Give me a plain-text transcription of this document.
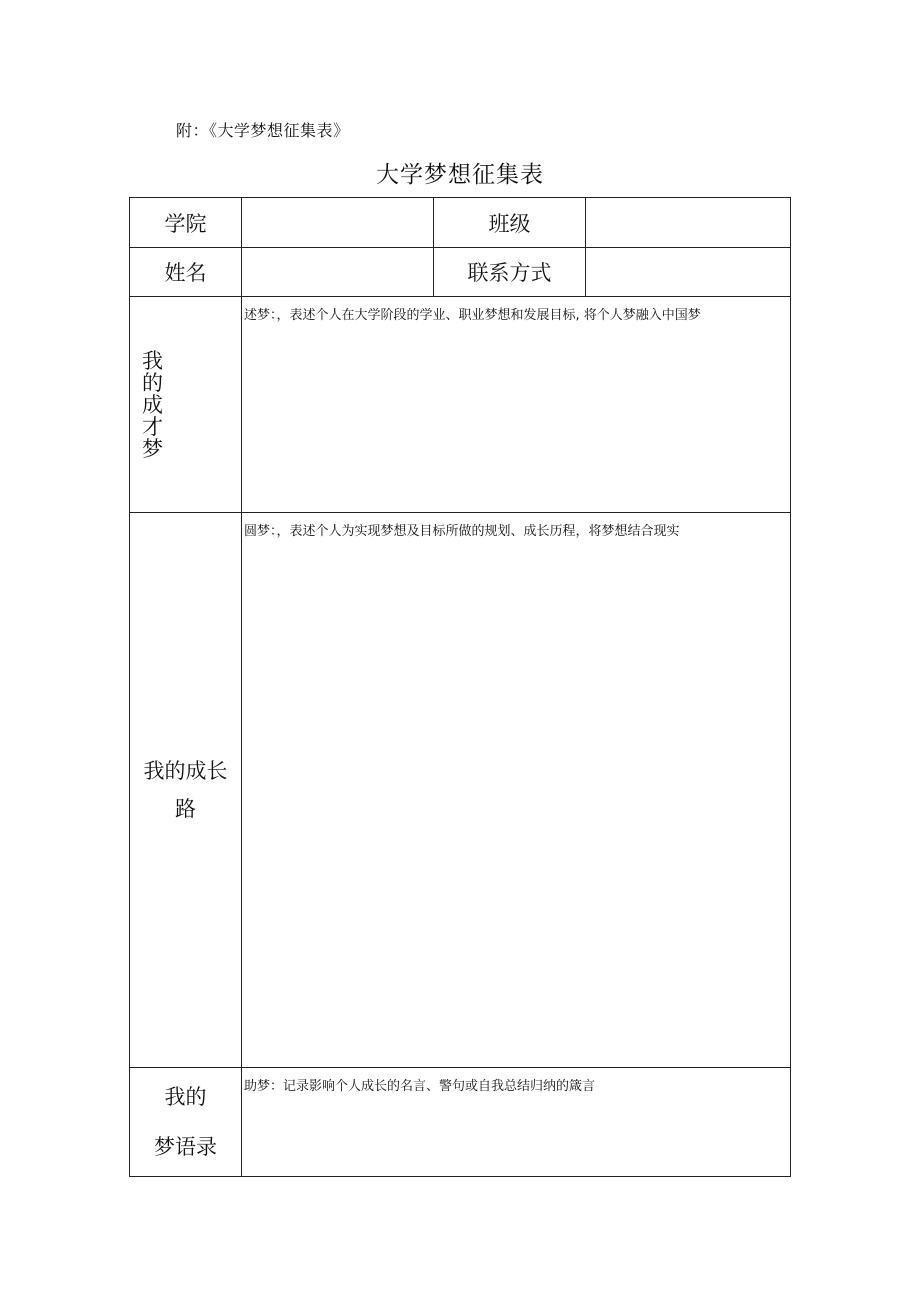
附：《大学梦想征集表》
大学梦想征集表
学院		班级	
姓名		联系方式	

我的成才梦	述梦：，表述个人在大学阶段的学业、职业梦想和发展目标, 将个人梦融入中国梦		

我的成长路	圆梦：，表述个人为实现梦想及目标所做的规划、成长历程，将梦想结合现实		

我的
梦语录	助梦：记录影响个人成长的名言、警句或自我总结归纳的箴言		
